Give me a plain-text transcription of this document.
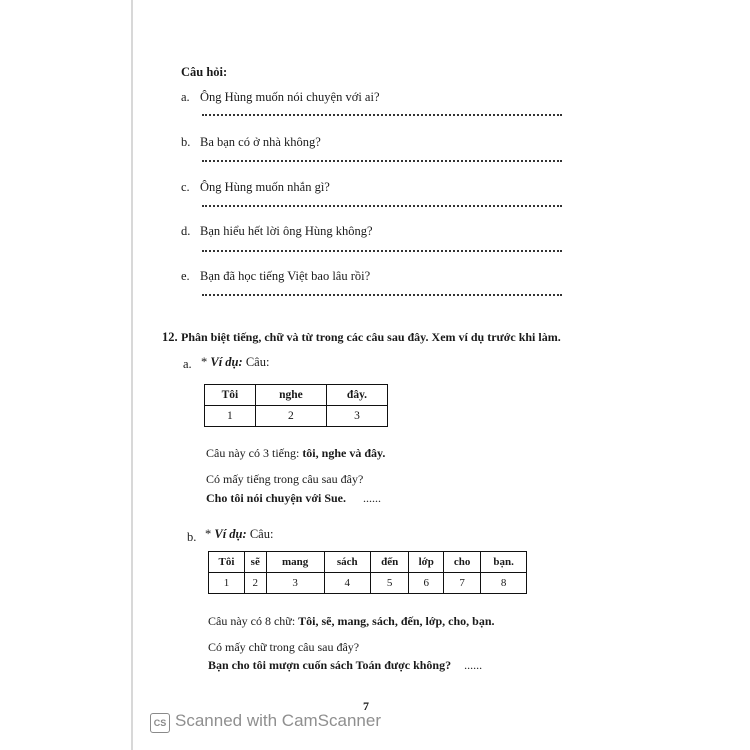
Câu hỏi:
a. Ông Hùng muốn nói chuyện với ai?
b. Ba bạn có ở nhà không?
c. Ông Hùng muốn nhắn gì?
d. Bạn hiểu hết lời ông Hùng không?
e. Bạn đã học tiếng Việt bao lâu rồi?
12. Phân biệt tiếng, chữ và từ trong các câu sau đây. Xem ví dụ trước khi làm.
a. * Ví dụ: Câu:
Tôi	nghe	đây.
1	2	3
Câu này có 3 tiếng: tôi, nghe và đây.
Có mấy tiếng trong câu sau đây?
Cho tôi nói chuyện với Sue. ......
b. * Ví dụ: Câu:
Tôi	sẽ	mang	sách	đến	lớp	cho	bạn.
1	2	3	4	5	6	7	8
Câu này có 8 chữ: Tôi, sẽ, mang, sách, đến, lớp, cho, bạn.
Có mấy chữ trong câu sau đây?
Bạn cho tôi mượn cuốn sách Toán được không? ......
7
CS Scanned with CamScanner
